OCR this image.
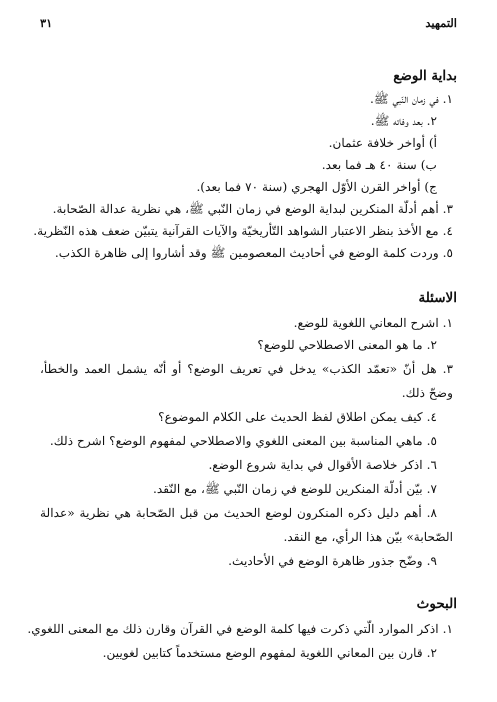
التمهيد
٣١
بداية الوضع
١. في زمان النّبي ﷺ.
٢. بعد وفاته ﷺ.
أ) أواخر خلافة عثمان.
ب) سنة ٤٠ هـ فما بعد.
ج) أواخر القرن الأوّل الهجري (سنة ٧٠ فما بعد).
٣. أهم أدلّة المنكرين لبداية الوضع في زمان النّبي ﷺ، هي نظرية عدالة الصّحابة.
٤. مع الأخذ بنظر الاعتبار الشواهد التّأريخيّة والآيات القرآنية يتبيّن ضعف هذه النّظرية.
٥. وردت كلمة الوضع في أحاديث المعصومين ﷺ وقد أشاروا إلى ظاهرة الكذب.
الاسئلة
١. اشرح المعاني اللغوية للوضع.
٢. ما هو المعنى الاصطلاحي للوضع؟
٣. هل أنّ «تعمّد الكذب» يدخل في تعريف الوضع؟ أو أنّه يشمل العمد والخطأ،
وضحّ ذلك.
٤. كيف يمكن اطلاق لفظ الحديث على الكلام الموضوع؟
٥. ماهي المناسبة بين المعنى اللغوي والاصطلاحي لمفهوم الوضع؟ اشرح ذلك.
٦. اذكر خلاصة الأقوال في بداية شروع الوضع.
٧. بيّن أدلّة المنكرين للوضع في زمان النّبي ﷺ، مع النّقد.
٨. أهم دليل ذكره المنكرون لوضع الحديث من قبل الصّحابة هي نظرية «عدالة
الصّحابة» بيّن هذا الرأي، مع النقد.
٩. وضّح جذور ظاهرة الوضع في الأحاديث.
البحوث
١. اذكر الموارد الّتي ذكرت فيها كلمة الوضع في القرآن وقارن ذلك مع المعنى اللغوي.
٢. قارن بين المعاني اللغوية لمفهوم الوضع مستخدماً كتابين لغويين.
